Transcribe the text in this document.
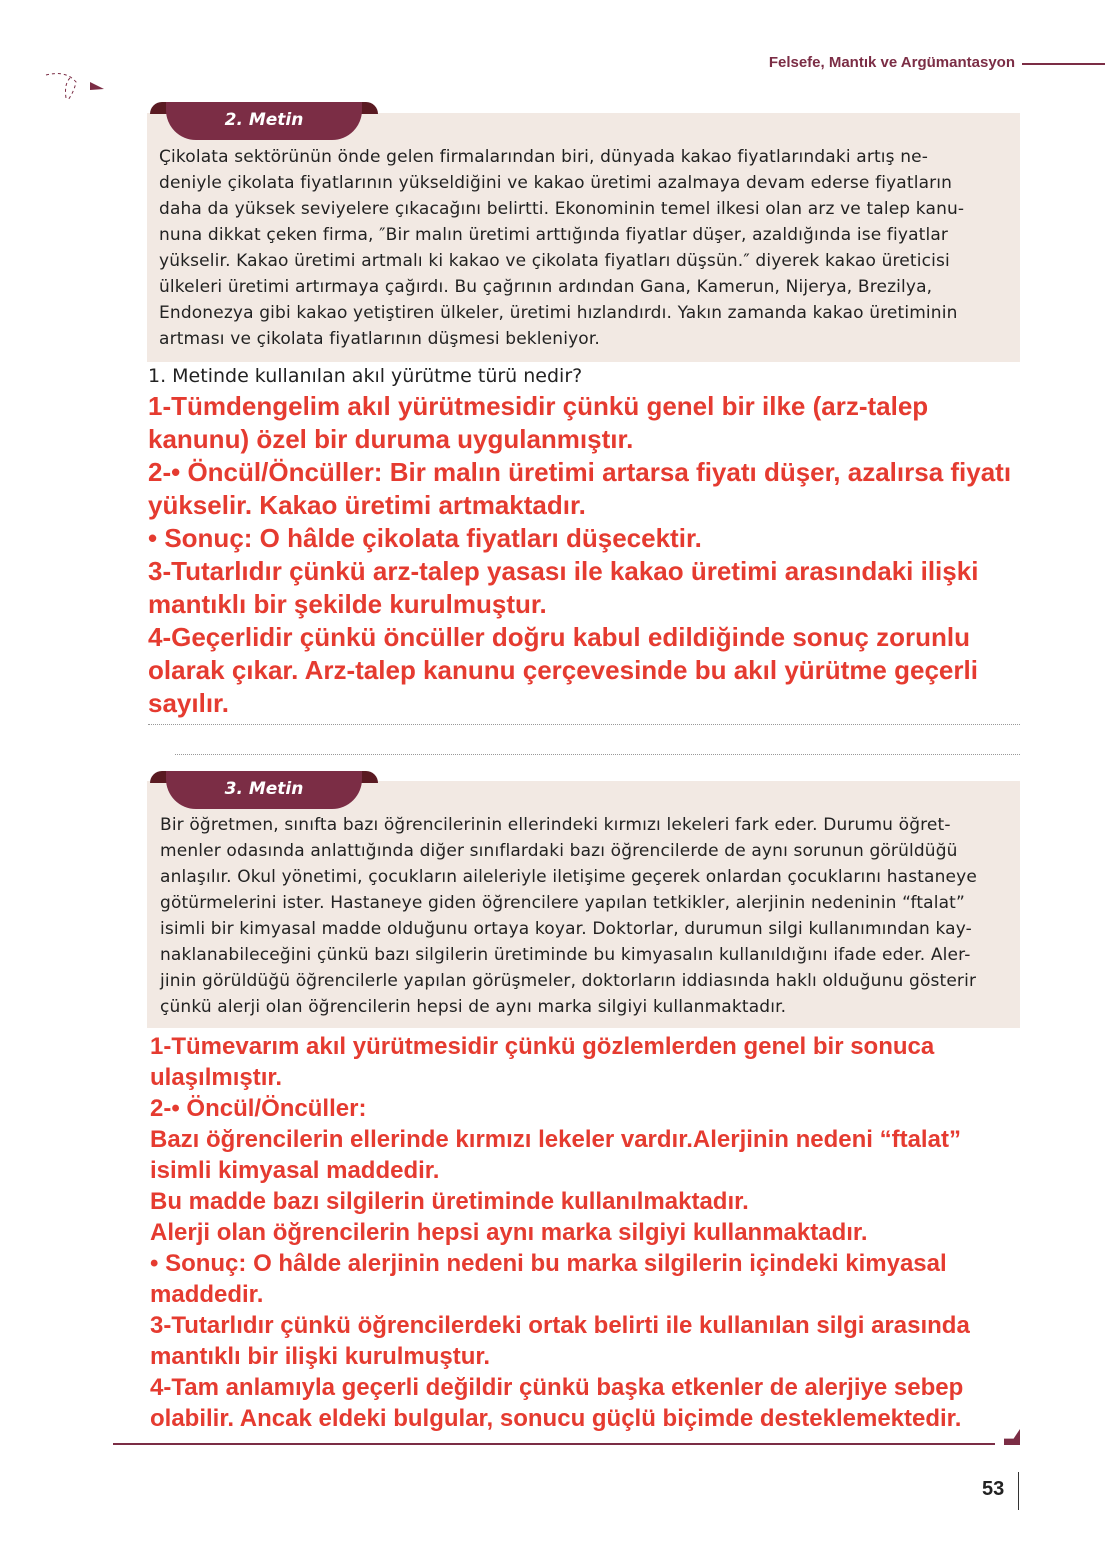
Felsefe, Mantık ve Argümantasyon
2. Metin
Çikolata sektörünün önde gelen firmalarından biri, dünyada kakao fiyatlarındaki artış ne-
deniyle çikolata fiyatlarının yükseldiğini ve kakao üretimi azalmaya devam ederse fiyatların
daha da yüksek seviyelere çıkacağını belirtti. Ekonominin temel ilkesi olan arz ve talep kanu-
nuna dikkat çeken firma, ″Bir malın üretimi arttığında fiyatlar düşer, azaldığında ise fiyatlar
yükselir. Kakao üretimi artmalı ki kakao ve çikolata fiyatları düşsün.″ diyerek kakao üreticisi
ülkeleri üretimi artırmaya çağırdı. Bu çağrının ardından Gana, Kamerun, Nijerya, Brezilya,
Endonezya gibi kakao yetiştiren ülkeler, üretimi hızlandırdı. Yakın zamanda kakao üretiminin
artması ve çikolata fiyatlarının düşmesi bekleniyor.
1. Metinde kullanılan akıl yürütme türü nedir?
1-Tümdengelim akıl yürütmesidir çünkü genel bir ilke (arz-talep
kanunu) özel bir duruma uygulanmıştır.
2-• Öncül/Öncüller: Bir malın üretimi artarsa fiyatı düşer, azalırsa fiyatı
yükselir. Kakao üretimi artmaktadır.
• Sonuç: O hâlde çikolata fiyatları düşecektir.
3-Tutarlıdır çünkü arz-talep yasası ile kakao üretimi arasındaki ilişki
mantıklı bir şekilde kurulmuştur.
4-Geçerlidir çünkü öncüller doğru kabul edildiğinde sonuç zorunlu
olarak çıkar. Arz-talep kanunu çerçevesinde bu akıl yürütme geçerli
sayılır.
3. Metin
Bir öğretmen, sınıfta bazı öğrencilerinin ellerindeki kırmızı lekeleri fark eder. Durumu öğret-
menler odasında anlattığında diğer sınıflardaki bazı öğrencilerde de aynı sorunun görüldüğü
anlaşılır. Okul yönetimi, çocukların aileleriyle iletişime geçerek onlardan çocuklarını hastaneye
götürmelerini ister. Hastaneye giden öğrencilere yapılan tetkikler, alerjinin nedeninin “ftalat”
isimli bir kimyasal madde olduğunu ortaya koyar. Doktorlar, durumun silgi kullanımından kay-
naklanabileceğini çünkü bazı silgilerin üretiminde bu kimyasalın kullanıldığını ifade eder. Aler-
jinin görüldüğü öğrencilerle yapılan görüşmeler, doktorların iddiasında haklı olduğunu gösterir
çünkü alerji olan öğrencilerin hepsi de aynı marka silgiyi kullanmaktadır.
1-Tümevarım akıl yürütmesidir çünkü gözlemlerden genel bir sonuca
ulaşılmıştır.
2-• Öncül/Öncüller:
Bazı öğrencilerin ellerinde kırmızı lekeler vardır.Alerjinin nedeni “ftalat”
isimli kimyasal maddedir.
Bu madde bazı silgilerin üretiminde kullanılmaktadır.
Alerji olan öğrencilerin hepsi aynı marka silgiyi kullanmaktadır.
• Sonuç: O hâlde alerjinin nedeni bu marka silgilerin içindeki kimyasal
maddedir.
3-Tutarlıdır çünkü öğrencilerdeki ortak belirti ile kullanılan silgi arasında
mantıklı bir ilişki kurulmuştur.
4-Tam anlamıyla geçerli değildir çünkü başka etkenler de alerjiye sebep
olabilir. Ancak eldeki bulgular, sonucu güçlü biçimde desteklemektedir.
53
